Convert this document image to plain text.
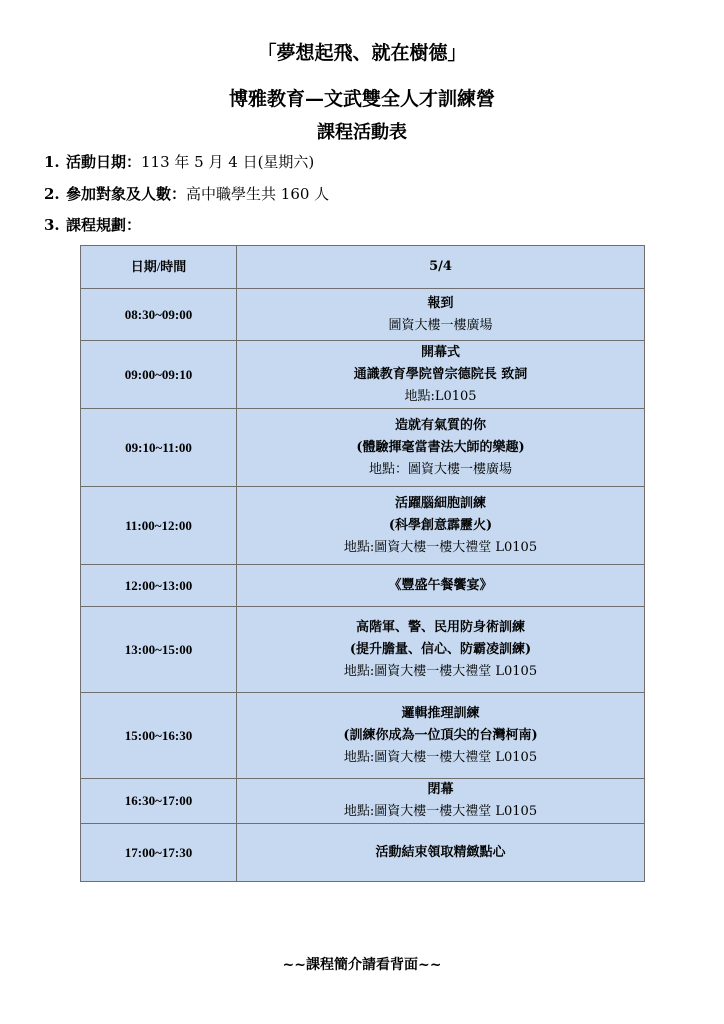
「夢想起飛、就在樹德」
博雅教育—文武雙全人才訓練營
課程活動表
1. 活動日期：113 年 5 月 4 日(星期六)
2. 參加對象及人數：高中職學生共 160 人
3. 課程規劃：
日期/時間	5/4
08:30~09:00	報到
圖資大樓一樓廣場

09:00~09:10	開幕式
通識教育學院曾宗德院長 致詞
地點:L0105

09:10~11:00	造就有氣質的你
(體驗揮毫當書法大師的樂趣)
地點：圖資大樓一樓廣場

11:00~12:00	活躍腦細胞訓練
(科學創意霹靂火)
地點:圖資大樓一樓大禮堂 L0105

12:00~13:00	《豐盛午餐饗宴》

13:00~15:00	高階軍、警、民用防身術訓練
(提升膽量、信心、防霸凌訓練)
地點:圖資大樓一樓大禮堂 L0105

15:00~16:30	邏輯推理訓練
(訓練你成為一位頂尖的台灣柯南)
地點:圖資大樓一樓大禮堂 L0105

16:30~17:00	閉幕
地點:圖資大樓一樓大禮堂 L0105

17:00~17:30	活動結束領取精緻點心
~~課程簡介請看背面~~
